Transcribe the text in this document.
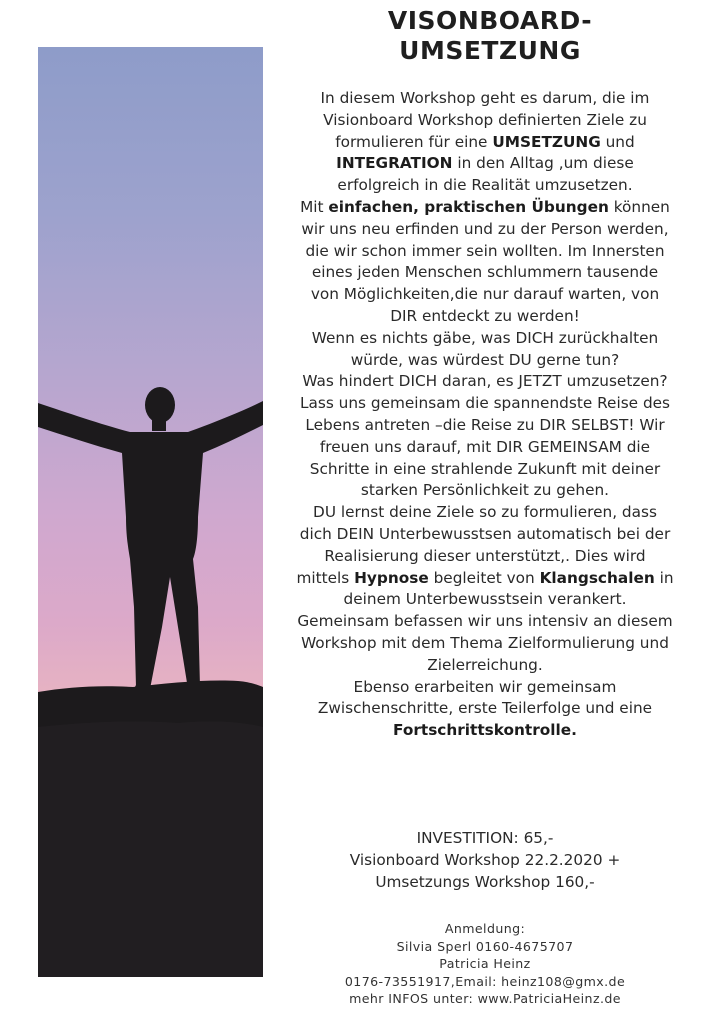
VISONBOARD-
UMSETZUNG

In diesem Workshop geht es darum, die im Visionboard Workshop definierten Ziele zu formulieren für eine UMSETZUNG und INTEGRATION in den Alltag ,um diese erfolgreich in die Realität umzusetzen.

Mit einfachen, praktischen Übungen können wir uns neu erfinden und zu der Person werden, die wir schon immer sein wollten. Im Innersten eines jeden Menschen schlummern tausende von Möglichkeiten,die nur darauf warten, von DIR entdeckt zu werden!

Wenn es nichts gäbe, was DICH zurückhalten würde, was würdest DU gerne tun?

Was hindert DICH daran, es JETZT umzusetzen? Lass uns gemeinsam die spannendste Reise des Lebens antreten –die Reise zu DIR SELBST! Wir freuen uns darauf, mit DIR GEMEINSAM die Schritte in eine strahlende Zukunft mit deiner starken Persönlichkeit zu gehen.

DU lernst deine Ziele so zu formulieren, dass dich DEIN Unterbewusstsen automatisch bei der Realisierung dieser unterstützt,. Dies wird mittels Hypnose begleitet von Klangschalen in deinem Unterbewusstsein verankert.

Gemeinsam befassen wir uns intensiv an diesem Workshop mit dem Thema Zielformulierung und Zielerreichung.

Ebenso erarbeiten wir gemeinsam Zwischenschritte, erste Teilerfolge und eine Fortschrittskontrolle.

INVESTITION: 65,-
Visionboard Workshop 22.2.2020 +
Umsetzungs Workshop 160,-
Anmeldung:
Silvia Sperl 0160-4675707
Patricia Heinz
0176-73551917,Email: heinz108@gmx.de
mehr INFOS unter: www.PatriciaHeinz.de
